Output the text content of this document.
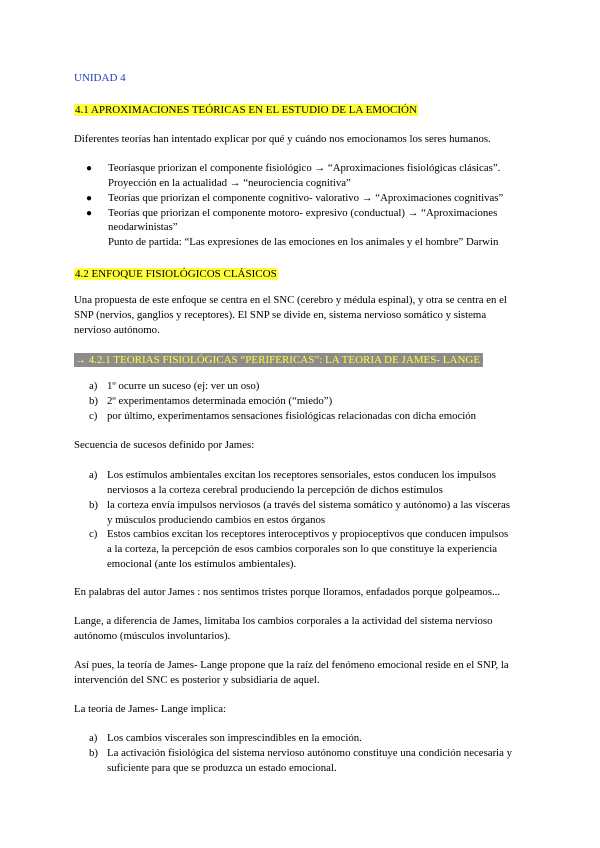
UNIDAD 4
4.1 APROXIMACIONES TEÓRICAS EN EL ESTUDIO DE LA EMOCIÓN
Diferentes teorías han intentado explicar por qué y cuándo nos emocionamos los seres humanos.
● Teoríasque priorizan el componente fisiológico → “Aproximaciones fisiológicas clásicas”.
Proyección en la actualidad → “neurociencia cognitiva”
● Teorías que priorizan el componente cognitivo- valorativo → “Aproximaciones cognitivas”
● Teorías que priorizan el componente motoro- expresivo (conductual) → “Aproximaciones
neodarwinistas”
Punto de partida: “Las expresiones de las emociones en los animales y el hombre” Darwin
4.2 ENFOQUE FISIOLÓGICOS CLÁSICOS
Una propuesta de este enfoque se centra en el SNC (cerebro y médula espinal), y otra se centra en el
SNP (nervios, ganglios y receptores). El SNP se divide en, sistema nervioso somático y sistema
nervioso autónomo.
→ 4.2.1 TEORIAS FISIOLÓGICAS “PERIFERICAS”: LA TEORIA DE JAMES- LANGE
a) 1º ocurre un suceso (ej: ver un oso)
b) 2º experimentamos determinada emoción (“miedo”)
c) por último, experimentamos sensaciones fisiológicas relacionadas con dicha emoción
Secuencia de sucesos definido por James:
a) Los estímulos ambientales excitan los receptores sensoriales, estos conducen los impulsos
nerviosos a la corteza cerebral produciendo la percepción de dichos estímulos
b) la corteza envía impulsos nerviosos (a través del sistema somático y autónomo) a las vísceras
y músculos produciendo cambios en estos órganos
c) Estos cambios excitan los receptores interoceptivos y propioceptivos que conducen impulsos
a la corteza, la percepción de esos cambios corporales son lo que constituye la experiencia
emocional (ante los estímulos ambientales).
En palabras del autor James : nos sentimos tristes porque lloramos, enfadados porque golpeamos...
Lange, a diferencia de James, limitaba los cambios corporales a la actividad del sistema nervioso
autónomo (músculos involuntarios).
Así pues, la teoría de James- Lange propone que la raíz del fenómeno emocional reside en el SNP, la
intervención del SNC es posterior y subsidiaria de aquel.
La teoría de James- Lange implica:
a) Los cambios viscerales son imprescindibles en la emoción.
b) La activación fisiológica del sistema nervioso autónomo constituye una condición necesaria y
suficiente para que se produzca un estado emocional.
